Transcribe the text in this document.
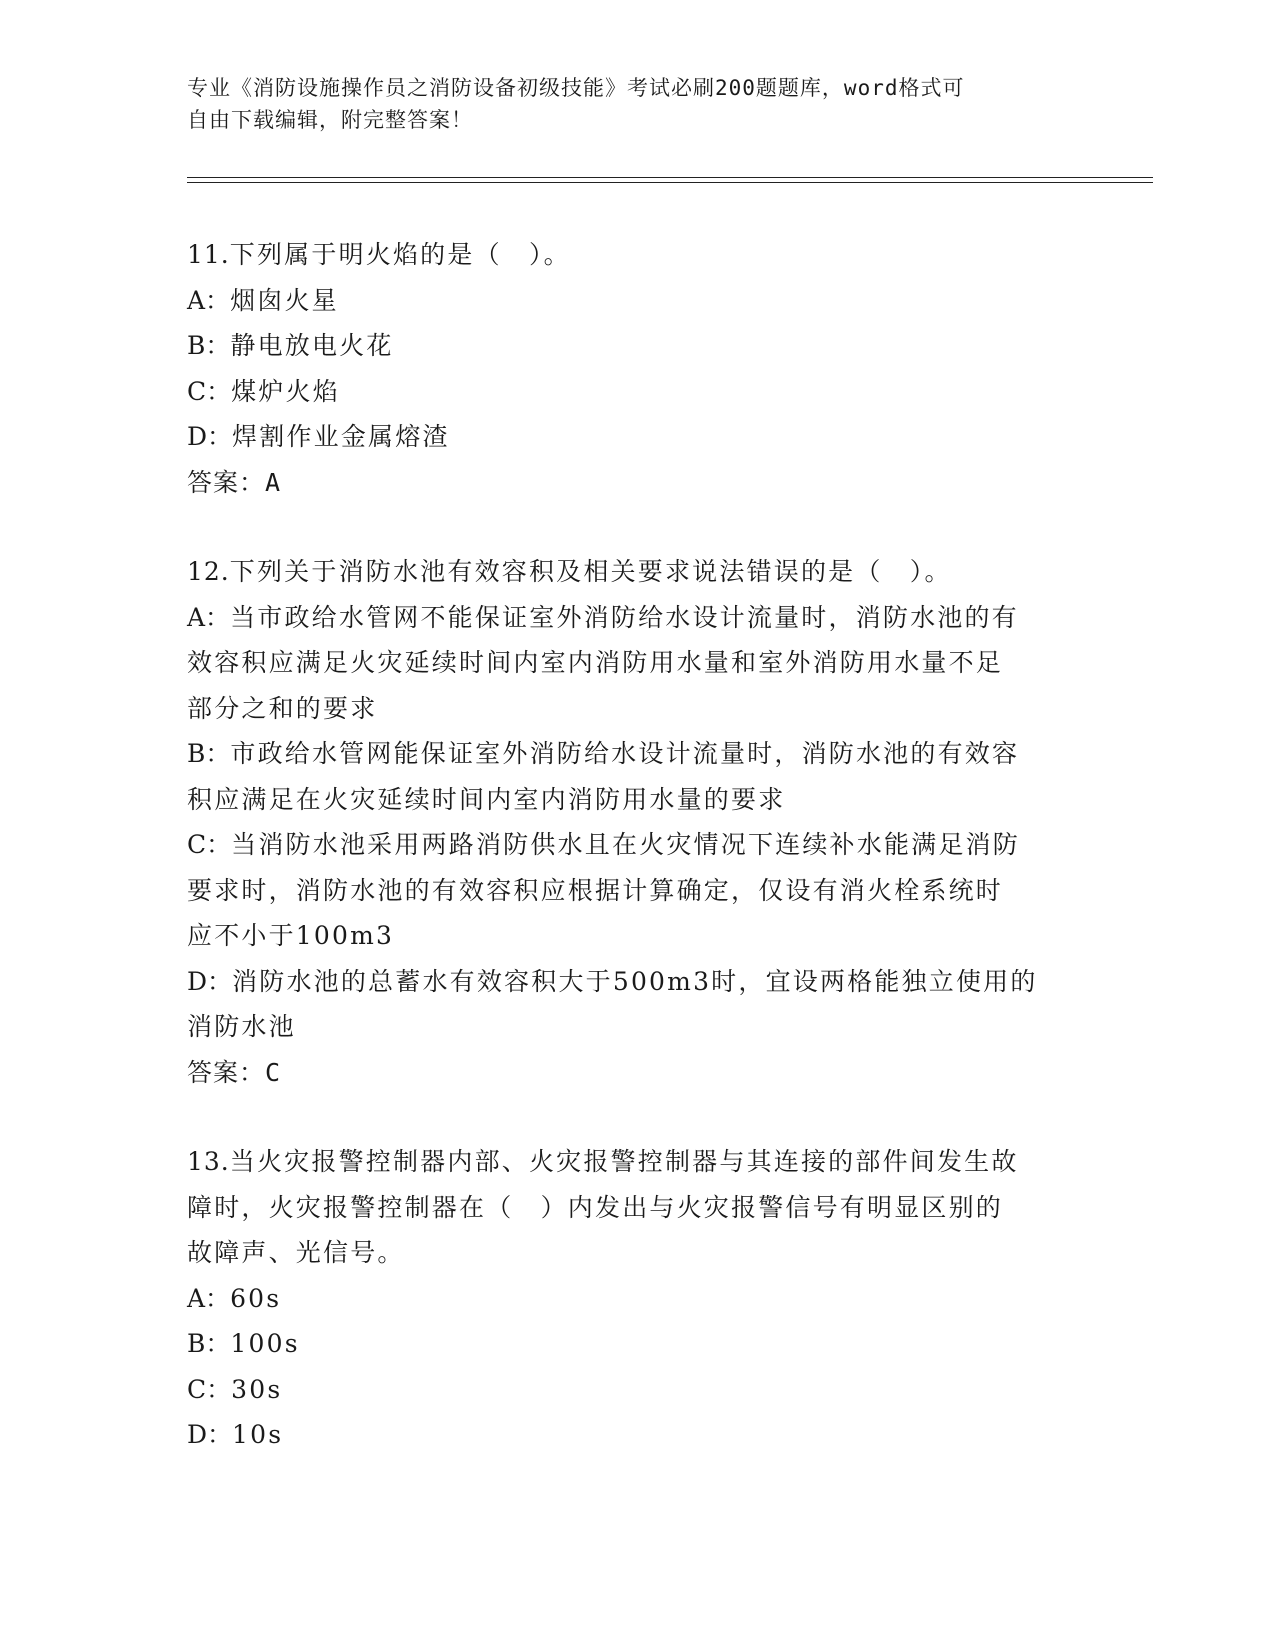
专业《消防设施操作员之消防设备初级技能》考试必刷200题题库，word格式可
自由下载编辑，附完整答案！
11.下列属于明火焰的是（　）。
A：烟囱火星
B：静电放电火花
C：煤炉火焰
D：焊割作业金属熔渣
答案：A
12.下列关于消防水池有效容积及相关要求说法错误的是（　）。
A：当市政给水管网不能保证室外消防给水设计流量时，消防水池的有
效容积应满足火灾延续时间内室内消防用水量和室外消防用水量不足
部分之和的要求
B：市政给水管网能保证室外消防给水设计流量时，消防水池的有效容
积应满足在火灾延续时间内室内消防用水量的要求
C：当消防水池采用两路消防供水且在火灾情况下连续补水能满足消防
要求时，消防水池的有效容积应根据计算确定，仅设有消火栓系统时
应不小于100m3
D：消防水池的总蓄水有效容积大于500m3时，宜设两格能独立使用的
消防水池
答案：C
13.当火灾报警控制器内部、火灾报警控制器与其连接的部件间发生故
障时，火灾报警控制器在（　）内发出与火灾报警信号有明显区别的
故障声、光信号。
A：60s
B：100s
C：30s
D：10s
